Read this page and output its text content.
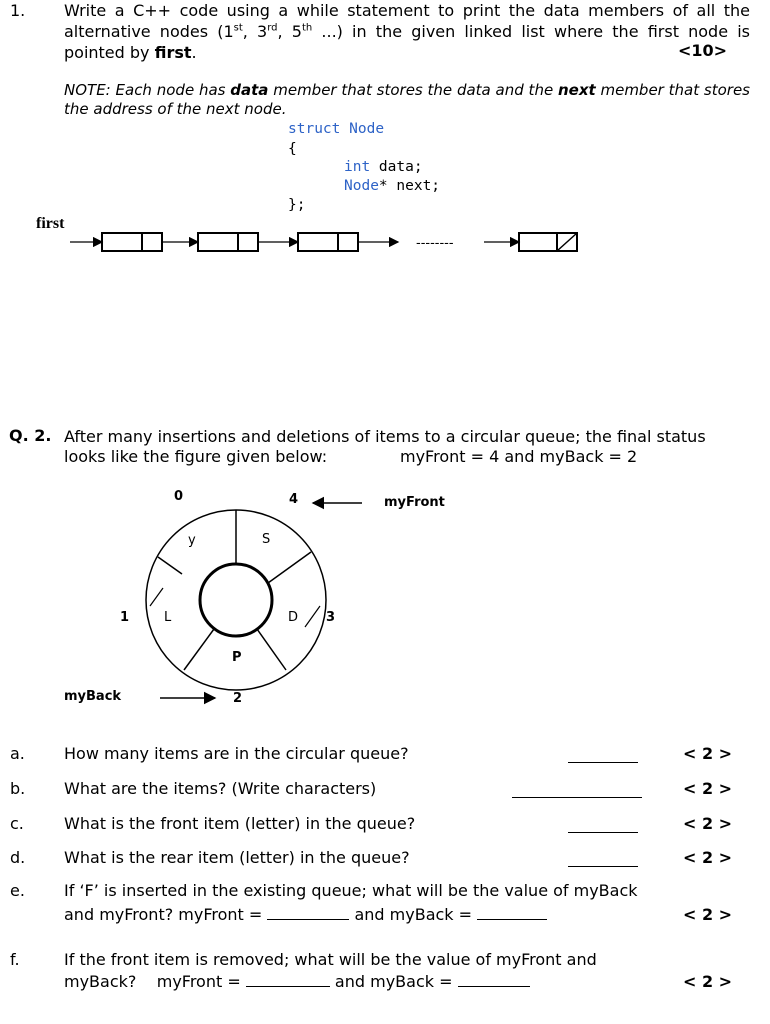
1. Write a C++ code using a while statement to print the data members of all the alternative nodes (1st, 3rd, 5th ...) in the given linked list where the first node is pointed by first.	<10>
NOTE: Each node has data member that stores the data and the next member that stores the address of the next node.
struct Node
{
int data;
Node* next;
};
first
--------
Q. 2. After many insertions and deletions of items to a circular queue; the final status
looks like the figure given below:	myFront = 4 and myBack = 2
0	4	myFront
y	S
1	L	D 3
P
myBack	2
a. How many items are in the circular queue?	< 2 >
b. What are the items? (Write characters)	< 2 >
c.	What is the front item (letter) in the queue?	< 2 >
d. What is the rear item (letter) in the queue?	< 2 >
e. If ‘F’ is inserted in the existing queue; what will be the value of myBack
and myFront? myFront =	and myBack =	< 2 >
f.	If the front item is removed; what will be the value of myFront and
myBack?    myFront =	and myBack =	< 2 >
